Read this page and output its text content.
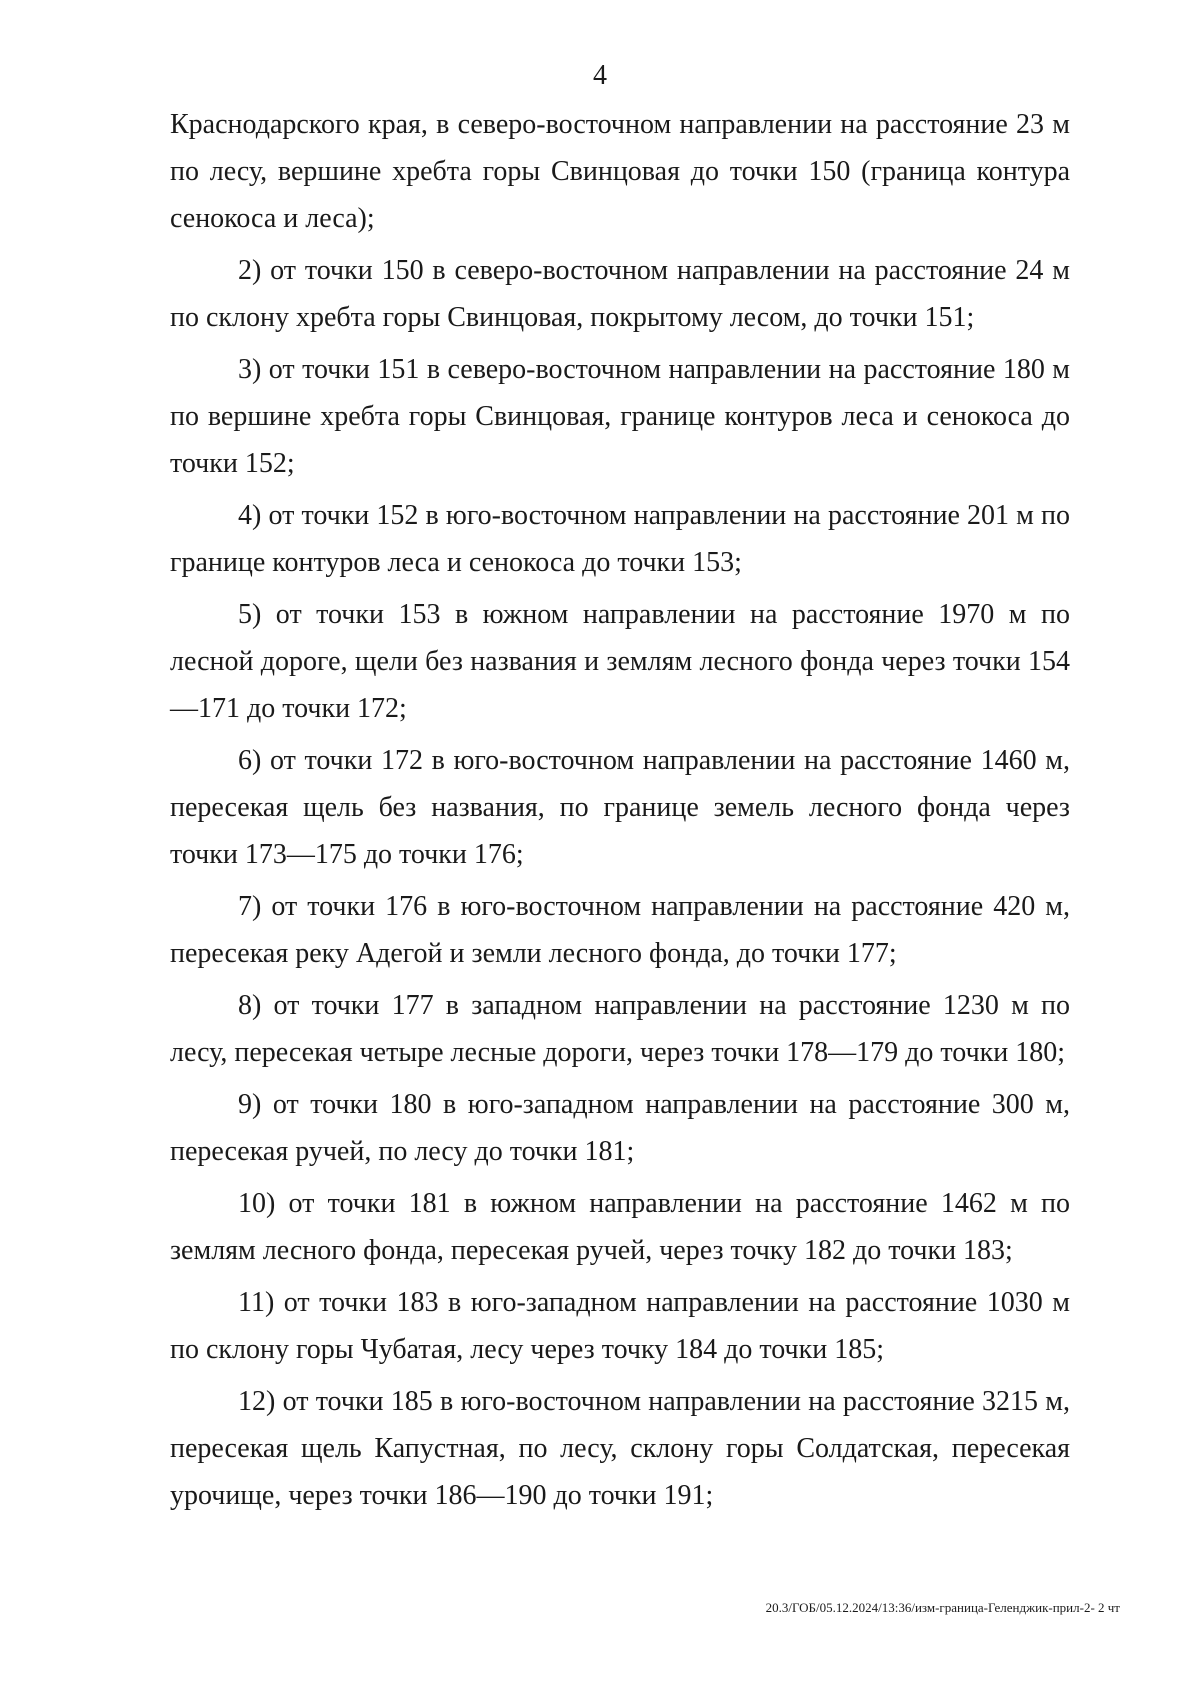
4

Краснодарского края, в северо-восточном направлении на расстояние 23 м по лесу, вершине хребта горы Свинцовая до точки 150 (граница контура сенокоса и леса);

2) от точки 150 в северо-восточном направлении на расстояние 24 м по склону хребта горы Свинцовая, покрытому лесом, до точки 151;

3) от точки 151 в северо-восточном направлении на расстояние 180 м по вершине хребта горы Свинцовая, границе контуров леса и сенокоса до точки 152;

4) от точки 152 в юго-восточном направлении на расстояние 201 м по границе контуров леса и сенокоса до точки 153;

5) от точки 153 в южном направлении на расстояние 1970 м по лесной дороге, щели без названия и землям лесного фонда через точки 154—171 до точки 172;

6) от точки 172 в юго-восточном направлении на расстояние 1460 м, пересекая щель без названия, по границе земель лесного фонда через точки 173—175 до точки 176;

7) от точки 176 в юго-восточном направлении на расстояние 420 м, пересекая реку Адегой и земли лесного фонда, до точки 177;

8) от точки 177 в западном направлении на расстояние 1230 м по лесу, пересекая четыре лесные дороги, через точки 178—179 до точки 180;

9) от точки 180 в юго-западном направлении на расстояние 300 м, пересекая ручей, по лесу до точки 181;

10) от точки 181 в южном направлении на расстояние 1462 м по землям лесного фонда, пересекая ручей, через точку 182 до точки 183;

11) от точки 183 в юго-западном направлении на расстояние 1030 м по склону горы Чубатая, лесу через точку 184 до точки 185;

12) от точки 185 в юго-восточном направлении на расстояние 3215 м, пересекая щель Капустная, по лесу, склону горы Солдатская, пересекая урочище, через точки 186—190 до точки 191;

20.3/ГОБ/05.12.2024/13:36/изм-граница-Геленджик-прил-2- 2 чт
